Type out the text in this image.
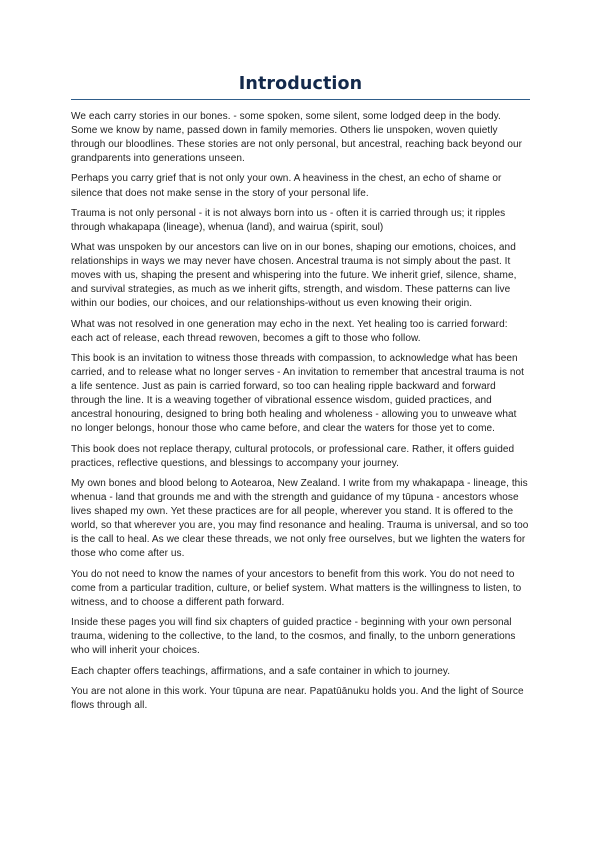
Introduction

We each carry stories in our bones. - some spoken, some silent, some lodged deep in the body. Some we know by name, passed down in family memories. Others lie unspoken, woven quietly through our bloodlines. These stories are not only personal, but ancestral, reaching back beyond our grandparents into generations unseen.

Perhaps you carry grief that is not only your own. A heaviness in the chest, an echo of shame or silence that does not make sense in the story of your personal life.

Trauma is not only personal - it is not always born into us - often it is carried through us; it ripples through whakapapa (lineage), whenua (land), and wairua (spirit, soul)

What was unspoken by our ancestors can live on in our bones, shaping our emotions, choices, and relationships in ways we may never have chosen. Ancestral trauma is not simply about the past. It moves with us, shaping the present and whispering into the future. We inherit grief, silence, shame, and survival strategies, as much as we inherit gifts, strength, and wisdom. These patterns can live within our bodies, our choices, and our relationships-without us even knowing their origin.

What was not resolved in one generation may echo in the next. Yet healing too is carried forward: each act of release, each thread rewoven, becomes a gift to those who follow.

This book is an invitation to witness those threads with compassion, to acknowledge what has been carried, and to release what no longer serves - An invitation to remember that ancestral trauma is not a life sentence. Just as pain is carried forward, so too can healing ripple backward and forward through the line. It is a weaving together of vibrational essence wisdom, guided practices, and ancestral honouring, designed to bring both healing and wholeness - allowing you to unweave what no longer belongs, honour those who came before, and clear the waters for those yet to come.

This book does not replace therapy, cultural protocols, or professional care. Rather, it offers guided practices, reflective questions, and blessings to accompany your journey.

My own bones and blood belong to Aotearoa, New Zealand. I write from my whakapapa - lineage, this whenua - land that grounds me and with the strength and guidance of my tūpuna - ancestors whose lives shaped my own. Yet these practices are for all people, wherever you stand. It is offered to the world, so that wherever you are, you may find resonance and healing. Trauma is universal, and so too is the call to heal. As we clear these threads, we not only free ourselves, but we lighten the waters for those who come after us.

You do not need to know the names of your ancestors to benefit from this work. You do not need to come from a particular tradition, culture, or belief system. What matters is the willingness to listen, to witness, and to choose a different path forward.

Inside these pages you will find six chapters of guided practice - beginning with your own personal trauma, widening to the collective, to the land, to the cosmos, and finally, to the unborn generations who will inherit your choices.

Each chapter offers teachings, affirmations, and a safe container in which to journey.

You are not alone in this work. Your tūpuna are near. Papatūānuku holds you. And the light of Source flows through all.
